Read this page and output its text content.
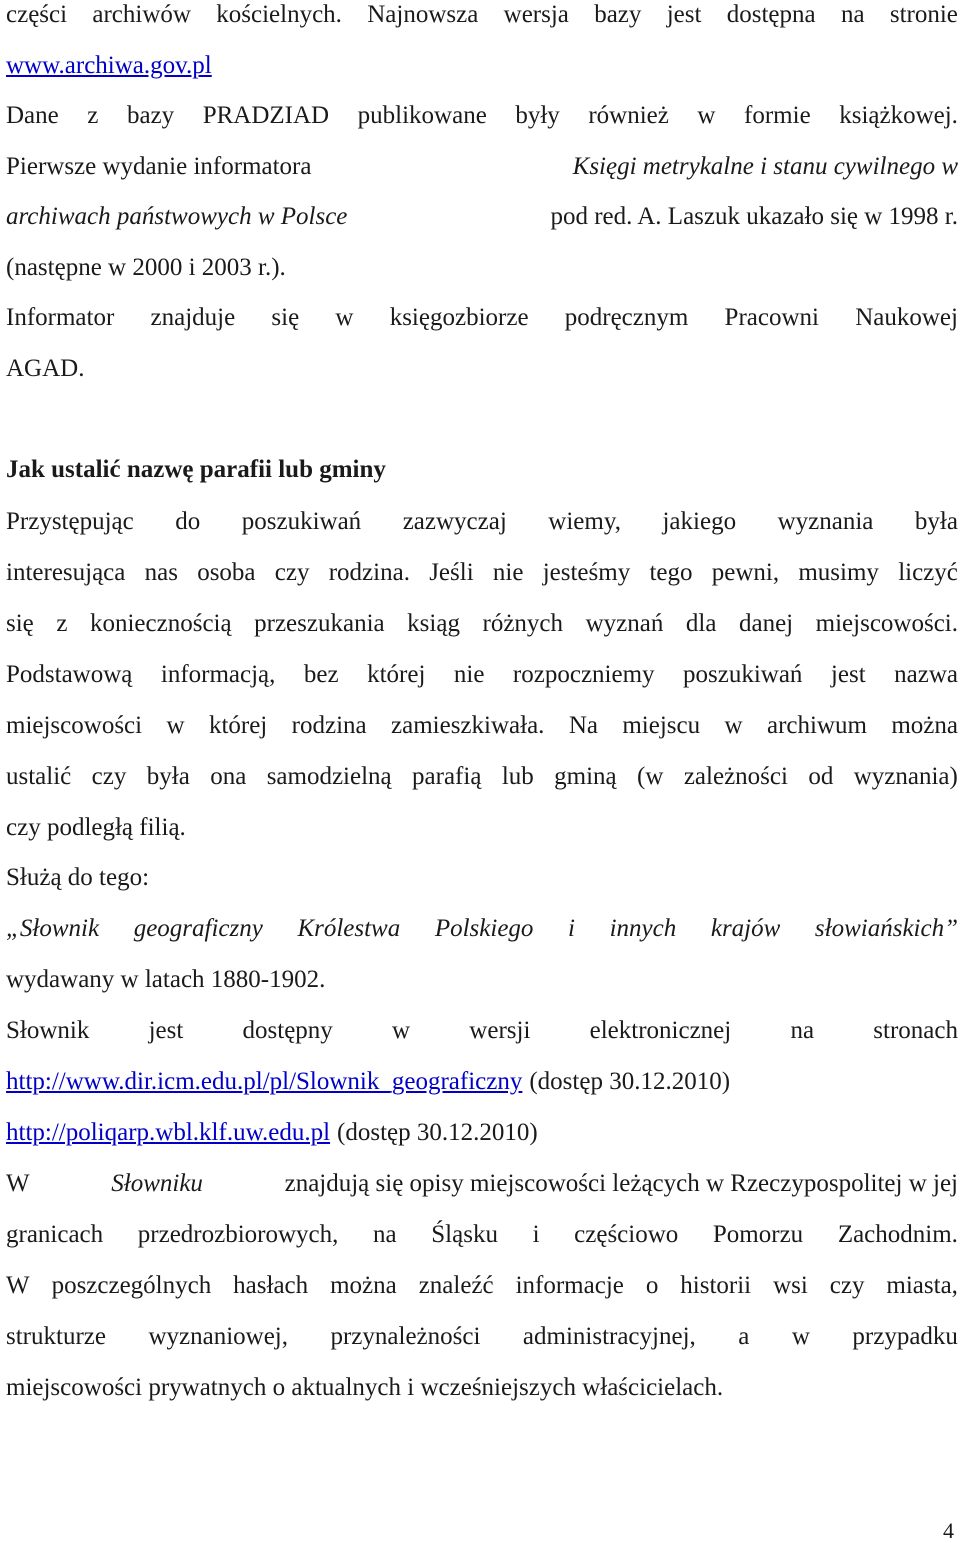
części archiwów kościelnych. Najnowsza wersja bazy jest dostępna na stronie
www.archiwa.gov.pl
Dane z bazy PRADZIAD publikowane były również w formie książkowej.
Pierwsze wydanie informatora	Księgi metrykalne i stanu cywilnego w
archiwach państwowych w Polsce	pod red. A. Laszuk ukazało się w 1998 r.
(następne w 2000 i 2003 r.).
Informator znajduje się w księgozbiorze podręcznym Pracowni Naukowej
AGAD.
Jak ustalić nazwę parafii lub gminy
Przystępując do poszukiwań zazwyczaj wiemy, jakiego wyznania była
interesująca nas osoba czy rodzina. Jeśli nie jesteśmy tego pewni, musimy liczyć
się z koniecznością przeszukania ksiąg różnych wyznań dla danej miejscowości.
Podstawową informacją, bez której nie rozpoczniemy poszukiwań jest nazwa
miejscowości w której rodzina zamieszkiwała. Na miejscu w archiwum można
ustalić czy była ona samodzielną parafią lub gminą (w zależności od wyznania)
czy podległą filią.
Służą do tego:
„Słownik geograficzny Królestwa Polskiego i innych krajów słowiańskich”
wydawany w latach 1880-1902.
Słownik jest dostępny w wersji elektronicznej na stronach
http://www.dir.icm.edu.pl/pl/Slownik_geograficzny (dostęp 30.12.2010)
http://poliqarp.wbl.klf.uw.edu.pl (dostęp 30.12.2010)
W	Słowniku	znajdują się opisy miejscowości leżących w Rzeczypospolitej w jej
granicach przedrozbiorowych, na Śląsku i częściowo Pomorzu Zachodnim.
W poszczególnych hasłach można znaleźć informacje o historii wsi czy miasta,
strukturze wyznaniowej, przynależności administracyjnej, a w przypadku
miejscowości prywatnych o aktualnych i wcześniejszych właścicielach.
4
